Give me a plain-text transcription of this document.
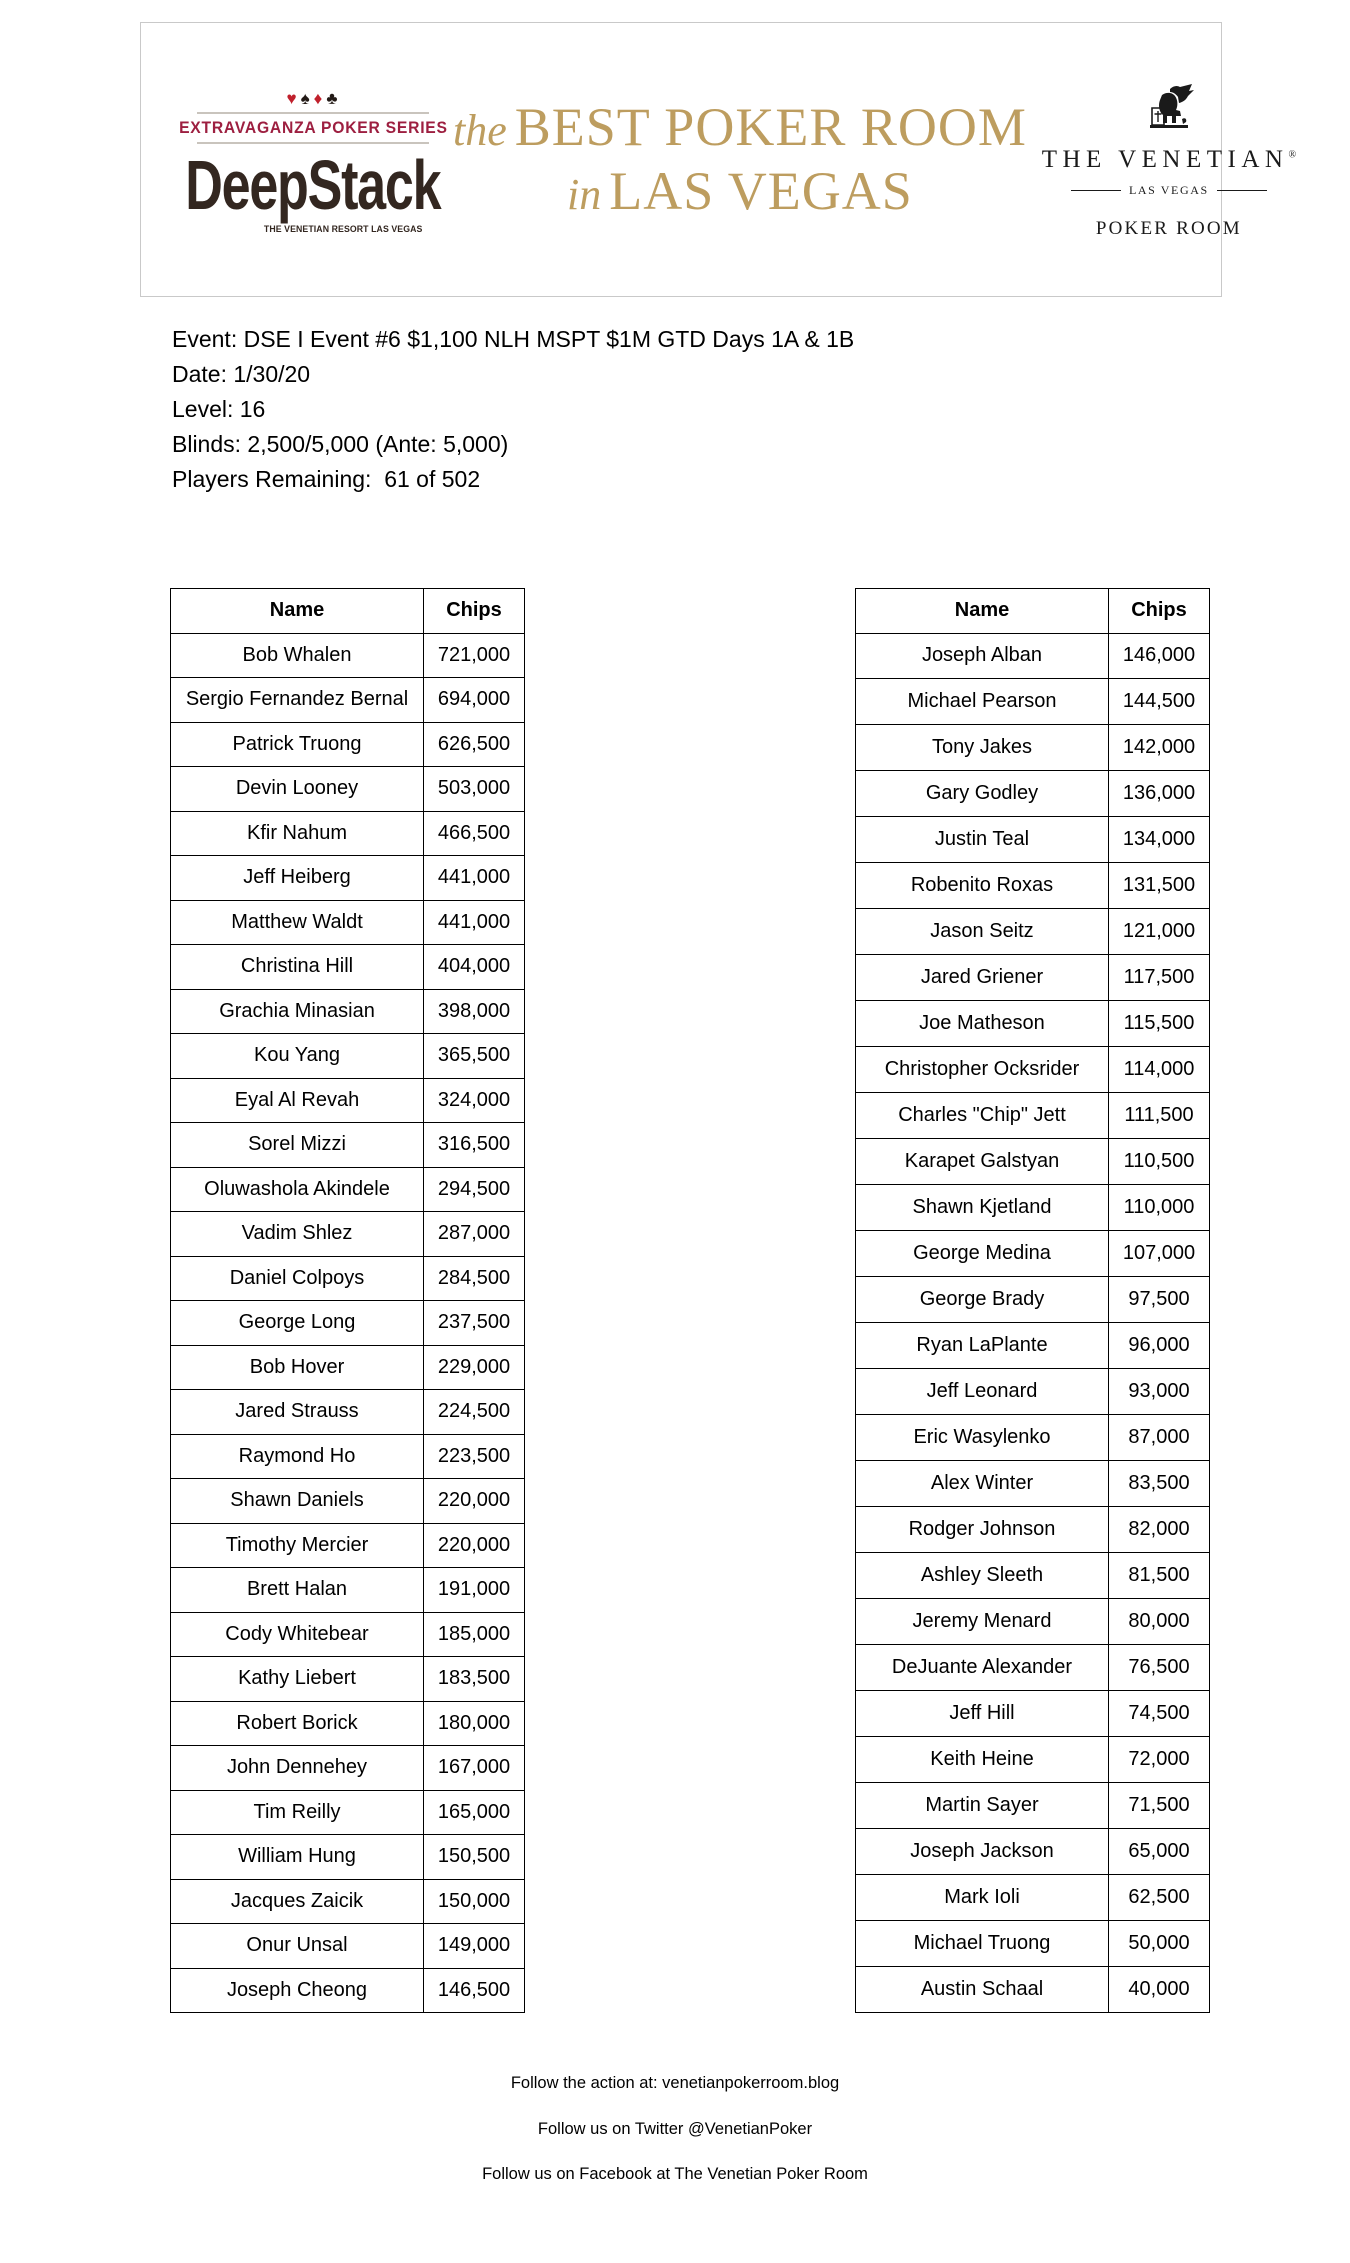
♥ ♠ ♦ ♣
EXTRAVAGANZA POKER SERIES
DeepStack
THE VENETIAN RESORT LAS VEGAS
the BEST POKER ROOM
in LAS VEGAS
THE VENETIAN®
LAS VEGAS
POKER ROOM
Event: DSE I Event #6 $1,100 NLH MSPT $1M GTD Days 1A & 1B
Date: 1/30/20
Level: 16
Blinds: 2,500/5,000 (Ante: 5,000)
Players Remaining:  61 of 502
Name	Chips
Bob Whalen	721,000
Sergio Fernandez Bernal	694,000
Patrick Truong	626,500
Devin Looney	503,000
Kfir Nahum	466,500
Jeff Heiberg	441,000
Matthew Waldt	441,000
Christina Hill	404,000
Grachia Minasian	398,000
Kou Yang	365,500
Eyal Al Revah	324,000
Sorel Mizzi	316,500
Oluwashola Akindele	294,500
Vadim Shlez	287,000
Daniel Colpoys	284,500
George Long	237,500
Bob Hover	229,000
Jared Strauss	224,500
Raymond Ho	223,500
Shawn Daniels	220,000
Timothy Mercier	220,000
Brett Halan	191,000
Cody Whitebear	185,000
Kathy Liebert	183,500
Robert Borick	180,000
John Dennehey	167,000
Tim Reilly	165,000
William Hung	150,500
Jacques Zaicik	150,000
Onur Unsal	149,000
Joseph Cheong	146,500
Name	Chips
Joseph Alban	146,000
Michael Pearson	144,500
Tony Jakes	142,000
Gary Godley	136,000
Justin Teal	134,000
Robenito Roxas	131,500
Jason Seitz	121,000
Jared Griener	117,500
Joe Matheson	115,500
Christopher Ocksrider	114,000
Charles "Chip" Jett	111,500
Karapet Galstyan	110,500
Shawn Kjetland	110,000
George Medina	107,000
George Brady	97,500
Ryan LaPlante	96,000
Jeff Leonard	93,000
Eric Wasylenko	87,000
Alex Winter	83,500
Rodger Johnson	82,000
Ashley Sleeth	81,500
Jeremy Menard	80,000
DeJuante Alexander	76,500
Jeff Hill	74,500
Keith Heine	72,000
Martin Sayer	71,500
Joseph Jackson	65,000
Mark Ioli	62,500
Michael Truong	50,000
Austin Schaal	40,000
Follow the action at: venetianpokerroom.blog
Follow us on Twitter @VenetianPoker
Follow us on Facebook at The Venetian Poker Room
